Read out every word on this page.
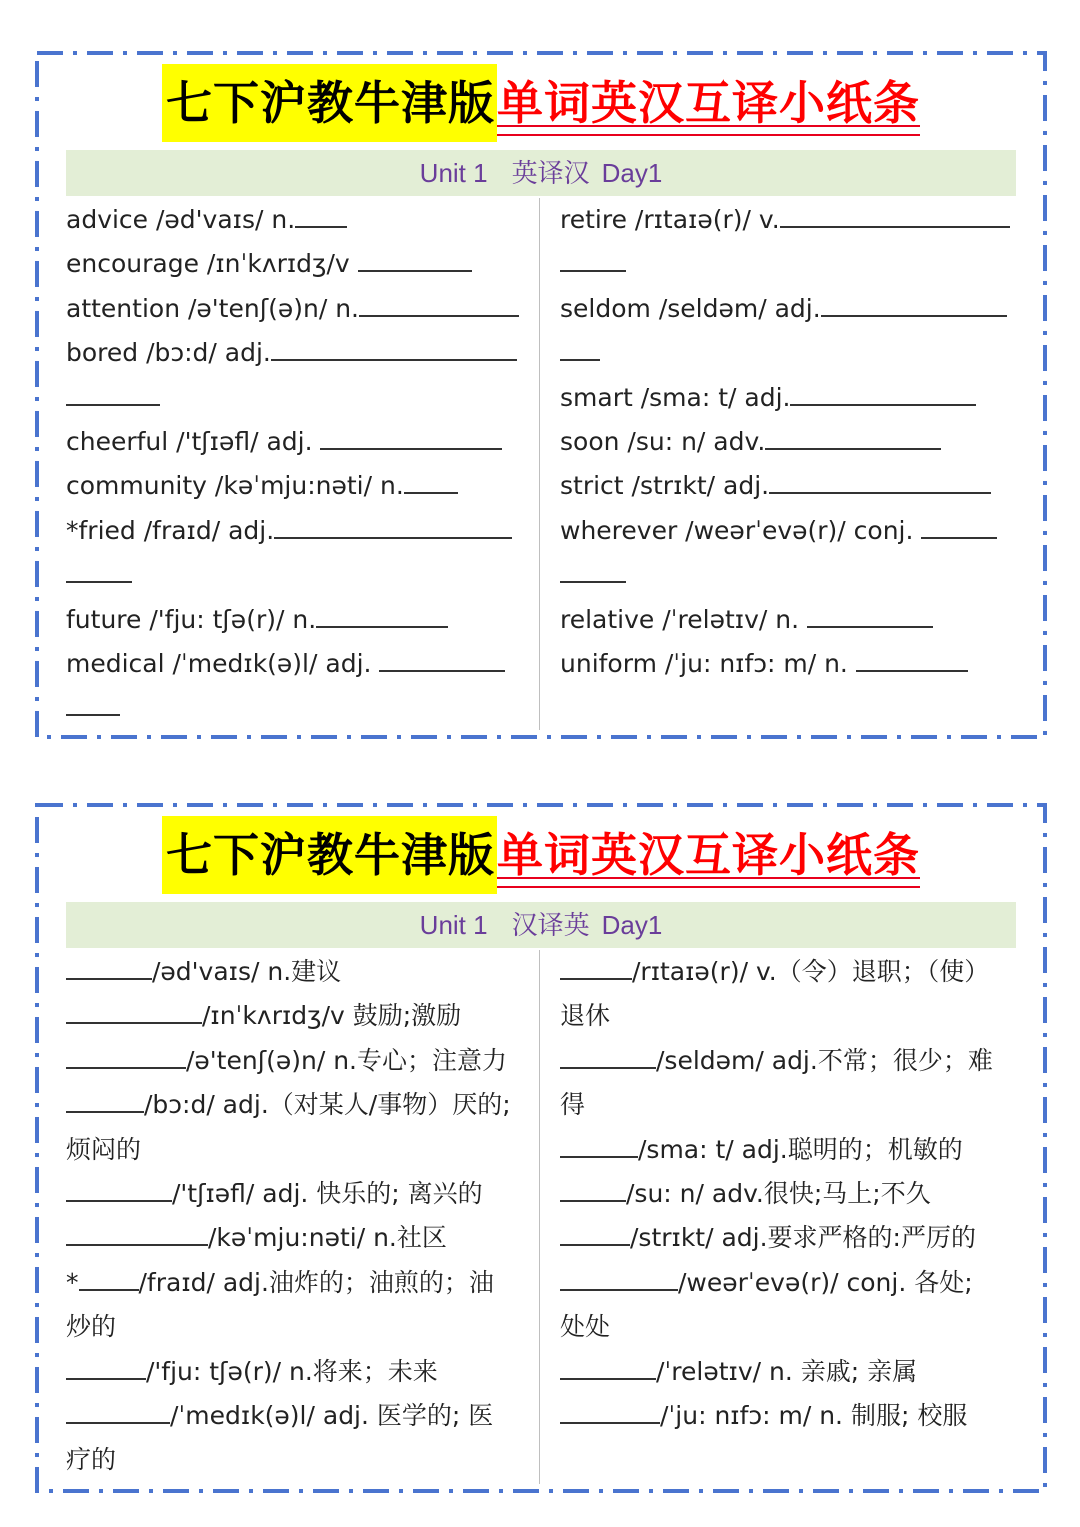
七下沪教牛津版单词英汉互译小纸条
Unit 1 英译汉 Day1
advice /əd'vaɪs/ n.
encourage /ɪnˈkʌrɪdʒ/v
attention /ə'tenʃ(ə)n/ n.
bored /bɔ:d/ adj.
cheerful /'tʃɪəfl/ adj.
community /kəˈmju:nəti/ n.
*fried /fraɪd/ adj.
future /'fju: tʃə(r)/ n.
medical /ˈmedɪk(ə)l/ adj.
retire /rɪtaɪə(r)/ v.
seldom /seldəm/ adj.
smart /sma: t/ adj.
soon /su: n/ adv.
strict /strɪkt/ adj.
wherever /weərˈevə(r)/ conj.
relative /ˈrelətɪv/ n.
uniform /ˈju: nɪfɔ: m/ n.
七下沪教牛津版单词英汉互译小纸条
Unit 1 汉译英 Day1
/əd'vaɪs/ n.建议
/ɪnˈkʌrɪdʒ/v 鼓励;激励
/ə'tenʃ(ə)n/ n.专心；注意力
/bɔ:d/ adj.（对某人/事物）厌的;
烦闷的
/'tʃɪəfl/ adj. 快乐的; 离兴的
/kəˈmju:nəti/ n.社区
* /fraɪd/ adj.油炸的；油煎的；油
炒的
/'fju: tʃə(r)/ n.将来；未来
/ˈmedɪk(ə)l/ adj. 医学的; 医
疗的
/rɪtaɪə(r)/ v.（令）退职；（使）
退休
/seldəm/ adj.不常；很少；难
得
/sma: t/ adj.聪明的；机敏的
/su: n/ adv.很快;马上;不久
/strɪkt/ adj.要求严格的:严厉的
/weərˈevə(r)/ conj. 各处;
处处
/ˈrelətɪv/ n. 亲戚; 亲属
/ˈju: nɪfɔ: m/ n. 制服; 校服
